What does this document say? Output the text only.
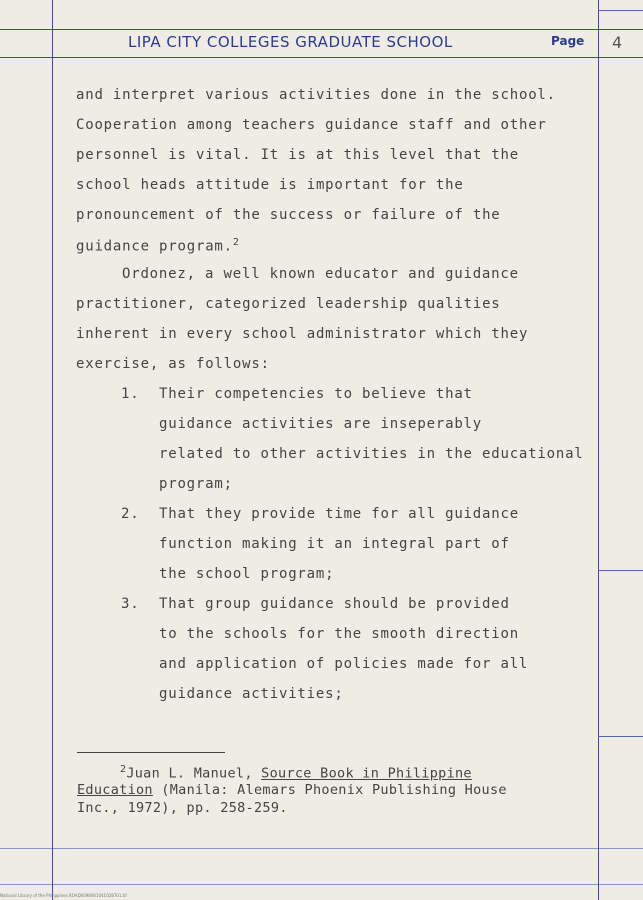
LIPA CITY COLLEGES GRADUATE SCHOOL	Page 4
and interpret various activities done in the school.
Cooperation among teachers guidance staff and other
personnel is vital. It is at this level that the
school heads attitude is important for the
pronouncement of the success or failure of the
guidance program.$^2$
Ordonez, a well known educator and guidance
practitioner, categorized leadership qualities
inherent in every school administrator which they
exercise, as follows:
1. Their competencies to believe that
guidance activities are inseperably
related to other activities in the educational
program;
2. That they provide time for all guidance
function making it an integral part of
the school program;
3. That group guidance should be provided
to the schools for the smooth direction
and application of policies made for all
guidance activities;
$^2$Juan L. Manuel, Source Book in Philippine
Education (Manila: Alemars Phoenix Publishing House
Inc., 1972), pp. 258-259.
National Library of the Philippines ROAD0098001041028701.tif
